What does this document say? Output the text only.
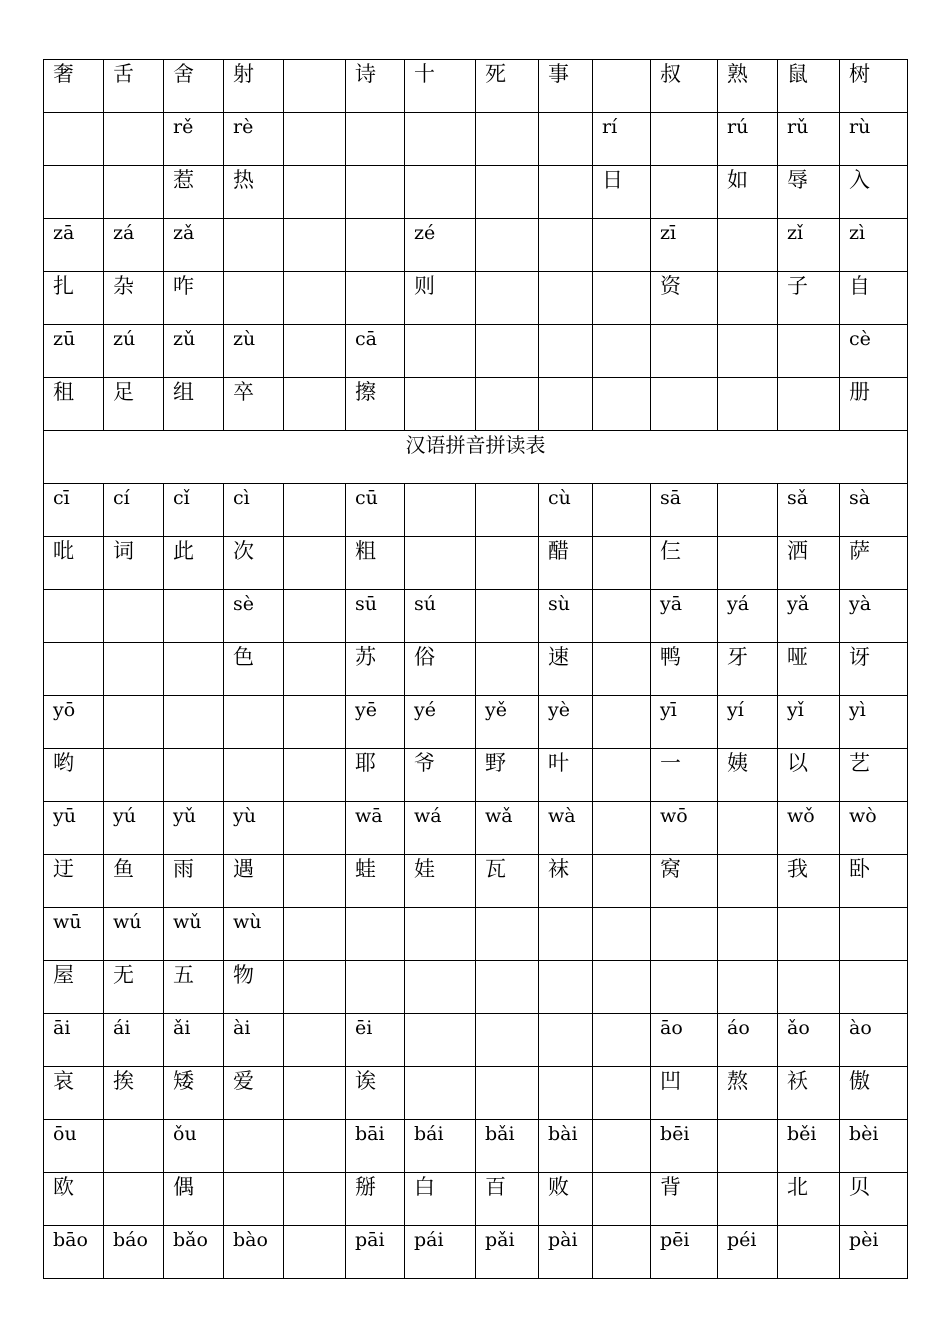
奢	舌	舍	射		诗	十	死	事		叔	熟	鼠	树
		rě	rè						rí		rú	rǔ	rù
		惹	热						日		如	辱	入
zā	zá	zǎ				zé				zī		zǐ	zì
扎	杂	咋				则				资		子	自
zū	zú	zǔ	zù		cā								cè
租	足	组	卒		擦								册
汉语拼音拼读表													
cī	cí	cǐ	cì		cū			cù		sā		sǎ	sà
吡	词	此	次		粗			醋		仨		洒	萨
			sè		sū	sú		sù		yā	yá	yǎ	yà
			色		苏	俗		速		鸭	牙	哑	讶
yō					yē	yé	yě	yè		yī	yí	yǐ	yì
哟					耶	爷	野	叶		一	姨	以	艺
yū	yú	yǔ	yù		wā	wá	wǎ	wà		wō		wǒ	wò
迂	鱼	雨	遇		蛙	娃	瓦	袜		窝		我	卧
wū	wú	wǔ	wù										
屋	无	五	物										
āi	ái	ǎi	ài		ēi					āo	áo	ǎo	ào
哀	挨	矮	爱		诶					凹	熬	袄	傲
ōu		ǒu			bāi	bái	bǎi	bài		bēi		běi	bèi
欧		偶			掰	白	百	败		背		北	贝
bāo	báo	bǎo	bào		pāi	pái	pǎi	pài		pēi	péi		pèi
